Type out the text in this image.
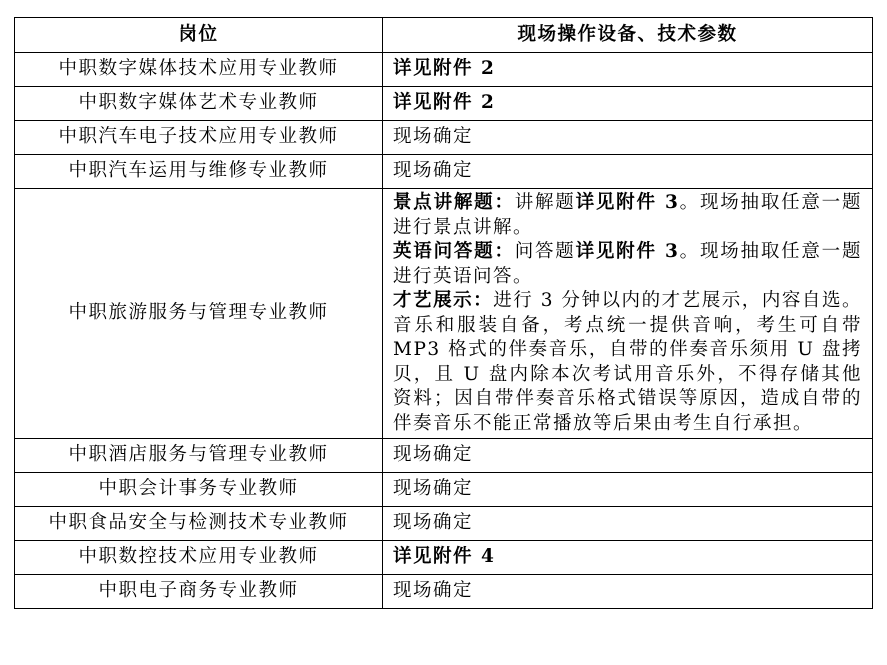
岗位	现场操作设备、技术参数
中职数字媒体技术应用专业教师	详见附件 2
中职数字媒体艺术专业教师	详见附件 2
中职汽车电子技术应用专业教师	现场确定
中职汽车运用与维修专业教师	现场确定
中职旅游服务与管理专业教师	景点讲解题：讲解题详见附件 3。现场抽取任意一题进行景点讲解。

英语问答题：问答题详见附件 3。现场抽取任意一题进行英语问答。

才艺展示：进行 3 分钟以内的才艺展示，内容自选。音乐和服装自备，考点统一提供音响，考生可自带 MP3 格式的伴奏音乐，自带的伴奏音乐须用 U 盘拷贝，且 U 盘内除本次考试用音乐外，不得存储其他资料；因自带伴奏音乐格式错误等原因，造成自带的伴奏音乐不能正常播放等后果由考生自行承担。

中职酒店服务与管理专业教师	现场确定
中职会计事务专业教师	现场确定
中职食品安全与检测技术专业教师	现场确定
中职数控技术应用专业教师	详见附件 4
中职电子商务专业教师	现场确定
